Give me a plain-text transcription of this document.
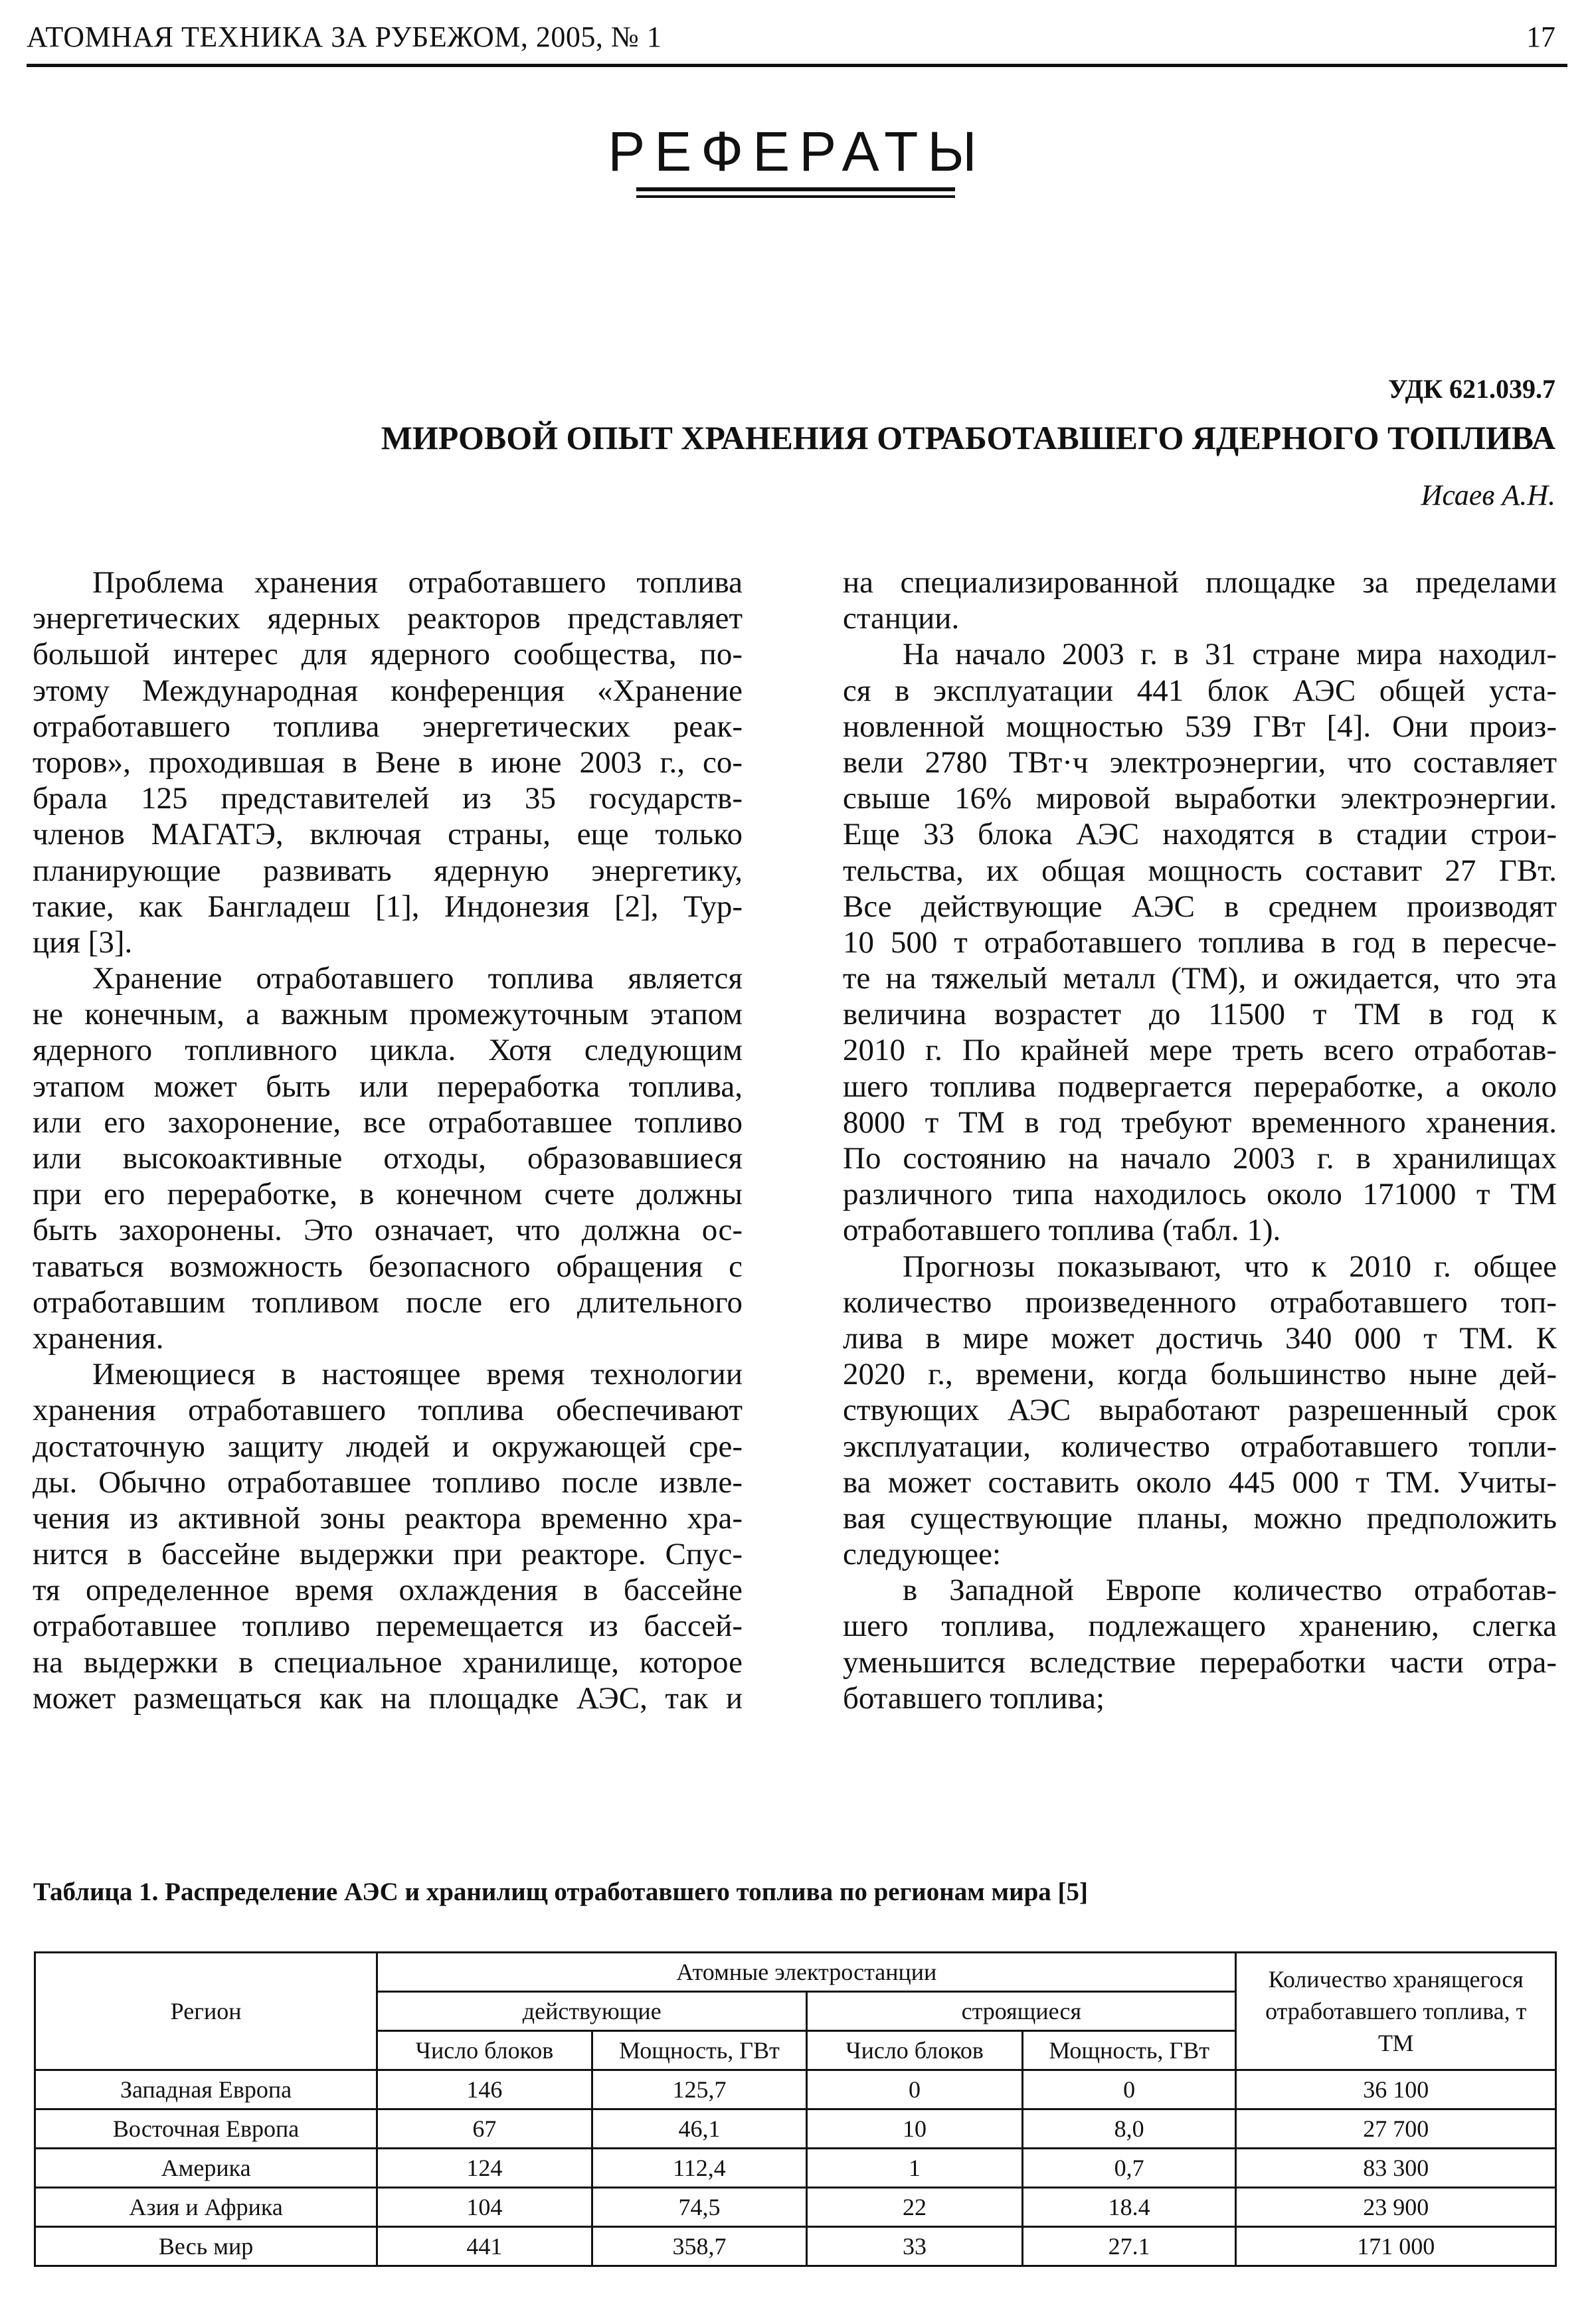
АТОМНАЯ ТЕХНИКА ЗА РУБЕЖОМ, 2005, № 1	17
РЕФЕРАТЫ
УДК 621.039.7
МИРОВОЙ ОПЫТ ХРАНЕНИЯ ОТРАБОТАВШЕГО ЯДЕРНОГО ТОПЛИВА
Исаев А.Н.
Проблема хранения отработавшего топлива
энергетических ядерных реакторов представляет
большой интерес для ядерного сообщества, по-
этому Международная конференция «Хранение
отработавшего топлива энергетических реак-
торов», проходившая в Вене в июне 2003 г., со-
брала 125 представителей из 35 государств-
членов МАГАТЭ, включая страны, еще только
планирующие развивать ядерную энергетику,
такие, как Бангладеш [1], Индонезия [2], Тур-
ция [3].
Хранение отработавшего топлива является
не конечным, а важным промежуточным этапом
ядерного топливного цикла. Хотя следующим
этапом может быть или переработка топлива,
или его захоронение, все отработавшее топливо
или высокоактивные отходы, образовавшиеся
при его переработке, в конечном счете должны
быть захоронены. Это означает, что должна ос-
таваться возможность безопасного обращения с
отработавшим топливом после его длительного
хранения.
Имеющиеся в настоящее время технологии
хранения отработавшего топлива обеспечивают
достаточную защиту людей и окружающей сре-
ды. Обычно отработавшее топливо после извле-
чения из активной зоны реактора временно хра-
нится в бассейне выдержки при реакторе. Спус-
тя определенное время охлаждения в бассейне
отработавшее топливо перемещается из бассей-
на выдержки в специальное хранилище, которое
может размещаться как на площадке АЭС, так и
на специализированной площадке за пределами
станции.
На начало 2003 г. в 31 стране мира находил-
ся в эксплуатации 441 блок АЭС общей уста-
новленной мощностью 539 ГВт [4]. Они произ-
вели 2780 ТВт·ч электроэнергии, что составляет
свыше 16% мировой выработки электроэнергии.
Еще 33 блока АЭС находятся в стадии строи-
тельства, их общая мощность составит 27 ГВт.
Все действующие АЭС в среднем производят
10 500 т отработавшего топлива в год в пересче-
те на тяжелый металл (ТМ), и ожидается, что эта
величина возрастет до 11500 т ТМ в год к
2010 г. По крайней мере треть всего отработав-
шего топлива подвергается переработке, а около
8000 т ТМ в год требуют временного хранения.
По состоянию на начало 2003 г. в хранилищах
различного типа находилось около 171000 т ТМ
отработавшего топлива (табл. 1).
Прогнозы показывают, что к 2010 г. общее
количество произведенного отработавшего топ-
лива в мире может достичь 340 000 т ТМ. К
2020 г., времени, когда большинство ныне дей-
ствующих АЭС выработают разрешенный срок
эксплуатации, количество отработавшего топли-
ва может составить около 445 000 т ТМ. Учиты-
вая существующие планы, можно предположить
следующее:
в Западной Европе количество отработав-
шего топлива, подлежащего хранению, слегка
уменьшится вследствие переработки части отра-
ботавшего топлива;
Таблица 1. Распределение АЭС и хранилищ отработавшего топлива по регионам мира [5]
Регион	Атомные электростанции				Количество хранящегося отработавшего топлива, т ТМ
	действующие		строящиеся		
	Число блоков	Мощность, ГВт	Число блоков	Мощность, ГВт	
Западная Европа	146	125,7	0	0	36 100
Восточная Европа	67	46,1	10	8,0	27 700
Америка	124	112,4	1	0,7	83 300
Азия и Африка	104	74,5	22	18.4	23 900
Весь мир	441	358,7	33	27.1	171 000
